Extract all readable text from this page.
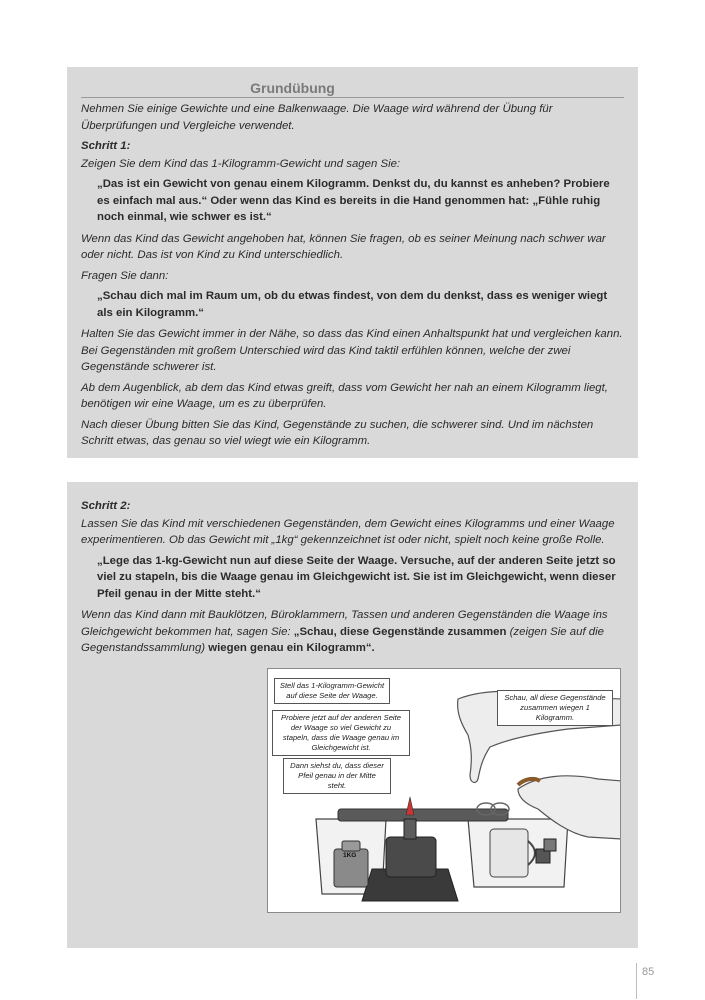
Grundübung

Nehmen Sie einige Gewichte und eine Balkenwaage. Die Waage wird während der Übung für Überprüfungen und Vergleiche verwendet.

Schritt 1:

Zeigen Sie dem Kind das 1-Kilogramm-Gewicht und sagen Sie:

„Das ist ein Gewicht von genau einem Kilogramm. Denkst du, du kannst es anheben? Probiere es einfach mal aus.“ Oder wenn das Kind es bereits in die Hand genommen hat: „Fühle ruhig noch einmal, wie schwer es ist.“

Wenn das Kind das Gewicht angehoben hat, können Sie fragen, ob es seiner Meinung nach schwer war oder nicht. Das ist von Kind zu Kind unterschiedlich.

Fragen Sie dann:

„Schau dich mal im Raum um, ob du etwas findest, von dem du denkst, dass es weniger wiegt als ein Kilogramm.“

Halten Sie das Gewicht immer in der Nähe, so dass das Kind einen Anhaltspunkt hat und vergleichen kann. Bei Gegenständen mit großem Unterschied wird das Kind taktil erfühlen können, welche der zwei Gegenstände schwerer ist.

Ab dem Augenblick, ab dem das Kind etwas greift, dass vom Gewicht her nah an einem Kilogramm liegt, benötigen wir eine Waage, um es zu überprüfen.

Nach dieser Übung bitten Sie das Kind, Gegenstände zu suchen, die schwerer sind. Und im nächsten Schritt etwas, das genau so viel wiegt wie ein Kilogramm.

Schritt 2:

Lassen Sie das Kind mit verschiedenen Gegenständen, dem Gewicht eines Kilogramms und einer Waage experimentieren. Ob das Gewicht mit „1kg“ gekennzeichnet ist oder nicht, spielt noch keine große Rolle.

„Lege das 1-kg-Gewicht nun auf diese Seite der Waage. Versuche, auf der anderen Seite jetzt so viel zu stapeln, bis die Waage genau im Gleichgewicht ist. Sie ist im Gleichgewicht, wenn dieser Pfeil genau in der Mitte steht.“

Wenn das Kind dann mit Bauklötzen, Büroklammern, Tassen und anderen Gegenständen die Waage ins Gleichgewicht bekommen hat, sagen Sie: „Schau, diese Gegenstände zusammen (zeigen Sie auf die Gegenstandssammlung) wiegen genau ein Kilogramm“.

1KG
Stell das 1-Kilogramm-Gewicht auf diese Seite der Waage.
Probiere jetzt auf der anderen Seite der Waage so viel Gewicht zu stapeln, dass die Waage genau im Gleichgewicht ist.
Dann siehst du, dass dieser Pfeil genau in der Mitte steht.
Schau, all diese Gegenstände zusammen wiegen 1 Kilogramm.
85
